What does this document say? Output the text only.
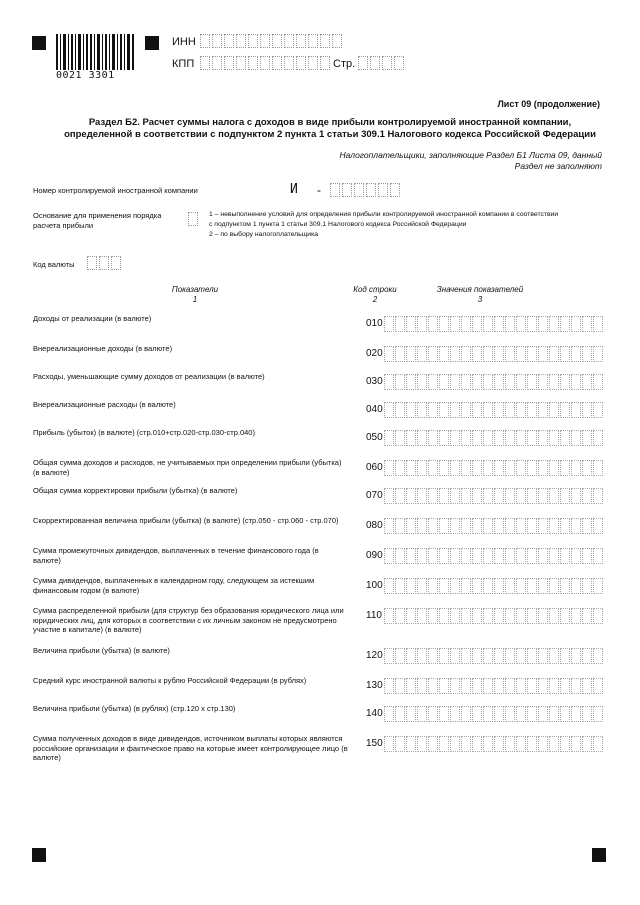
0021 3301
ИНН
КПП	Стр.
Лист 09 (продолжение)
Раздел Б2. Расчет суммы налога с доходов в виде прибыли контролируемой иностранной компании,
определенной в соответствии с подпунктом 2 пункта 1 статьи 309.1 Налогового кодекса Российской Федерации
Налогоплательщики, заполняющие Раздел Б1 Листа 09, данный
Раздел не заполняют
Номер контролируемой иностранной компании	И -
Основание для применения порядка
расчета прибыли
1 – невыполнение условий для определения прибыли контролируемой иностранной компании в соответствии
с подпунктом 1 пункта 1 статьи 309.1 Налогового кодекса Российской Федерации
2 – по выбору налогоплательщика
Код валюты
Показатели
1
Код строки
2
Значения показателей
3
Доходы от реализации (в валюте)	010
Внереализационные доходы (в валюте)	020
Расходы, уменьшающие сумму доходов от реализации (в валюте)	030
Внереализационные расходы (в валюте)	040
Прибыль (убыток) (в валюте) (стр.010+стр.020-стр.030-стр.040)	050
Общая сумма доходов и расходов, не учитываемых при определении прибыли (убытка) (в валюте)	060
Общая сумма корректировки прибыли (убытка) (в валюте)	070
Скорректированная величина прибыли (убытка) (в валюте) (стр.050 - стр.060 - стр.070)	080
Сумма промежуточных дивидендов, выплаченных в течение финансового года (в валюте)	090
Сумма дивидендов, выплаченных в календарном году, следующем за истекшим финансовым годом (в валюте)	100
Сумма распределенной прибыли (для структур без образования юридического лица или юридических лиц, для которых в соответствии с их личным законом не предусмотрено участие в капитале) (в валюте)
110
Величина прибыли (убытка) (в валюте)	120
Средний курс иностранной валюты к рублю Российской Федерации (в рублях)	130
Величина прибыли (убытка) (в рублях) (стр.120 х стр.130)	140
Сумма полученных доходов в виде дивидендов, источником выплаты которых являются российские организации и фактическое право на которые имеет контролирующее лицо (в валюте)
150
